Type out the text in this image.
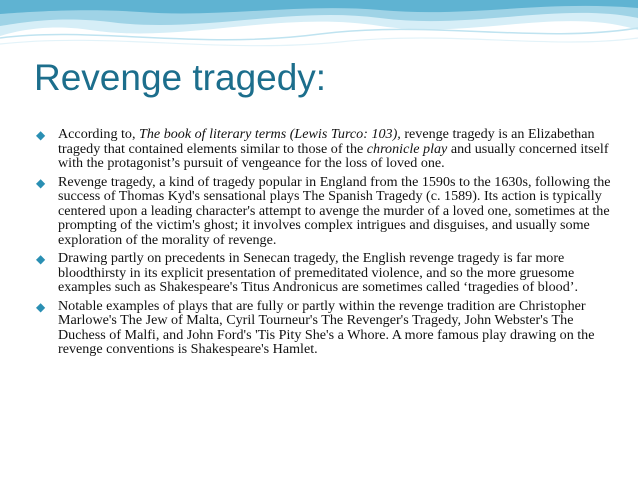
Revenge tragedy:
◆ According to, The book of literary terms (Lewis Turco: 103), revenge tragedy is an Elizabethan tragedy that contained elements similar to those of the chronicle play and usually concerned itself with the protagonist’s pursuit of vengeance for the loss of loved one.
◆ Revenge tragedy, a kind of tragedy popular in England from the 1590s to the 1630s, following the success of Thomas Kyd's sensational plays The Spanish Tragedy (c. 1589). Its action is typically centered upon a leading character's attempt to avenge the murder of a loved one, sometimes at the prompting of the victim's ghost; it involves complex intrigues and disguises, and usually some exploration of the morality of revenge.
◆ Drawing partly on precedents in Senecan tragedy, the English revenge tragedy is far more bloodthirsty in its explicit presentation of premeditated violence, and so the more gruesome examples such as Shakespeare's Titus Andronicus are sometimes called ‘tragedies of blood’.
◆ Notable examples of plays that are fully or partly within the revenge tradition are Christopher Marlowe's The Jew of Malta, Cyril Tourneur's The Revenger's Tragedy, John Webster's The Duchess of Malfi, and John Ford's 'Tis Pity She's a Whore. A more famous play drawing on the revenge conventions is Shakespeare's Hamlet.
